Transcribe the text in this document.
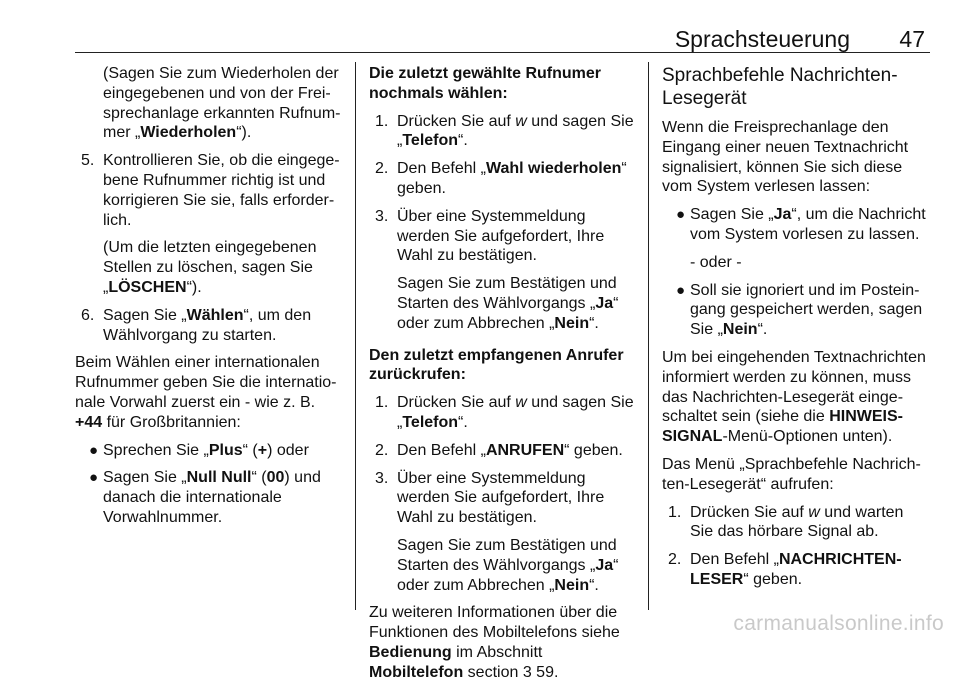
Sprachsteuerung 47

(Sagen Sie zum Wiederholen der eingegebenen und von der Frei-sprechanlage erkannten Rufnum-mer „Wiederholen“).

5. Kontrollieren Sie, ob die eingege-bene Rufnummer richtig ist und korrigieren Sie sie, falls erforder-lich.
(Um die letzten eingegebenen Stellen zu löschen, sagen Sie „LÖSCHEN“).
6. Sagen Sie „Wählen“, um den Wählvorgang zu starten.

Beim Wählen einer internationalen Rufnummer geben Sie die internatio-nale Vorwahl zuerst ein - wie z. B. +44 für Großbritannien:

● Sprechen Sie „Plus“ (+) oder
● Sagen Sie „Null Null“ (00) und danach die internationale Vorwahlnummer.

Die zuletzt gewählte Rufnumer nochmals wählen:

1. Drücken Sie auf w und sagen Sie „Telefon“.
2. Den Befehl „Wahl wiederholen“ geben.
3. Über eine Systemmeldung werden Sie aufgefordert, Ihre Wahl zu bestätigen.
Sagen Sie zum Bestätigen und Starten des Wählvorgangs „Ja“ oder zum Abbrechen „Nein“.

Den zuletzt empfangenen Anrufer zurückrufen:

1. Drücken Sie auf w und sagen Sie „Telefon“.
2. Den Befehl „ANRUFEN“ geben.
3. Über eine Systemmeldung werden Sie aufgefordert, Ihre Wahl zu bestätigen.
Sagen Sie zum Bestätigen und Starten des Wählvorgangs „Ja“ oder zum Abbrechen „Nein“.

Zu weiteren Informationen über die Funktionen des Mobiltelefons siehe Bedienung im Abschnitt Mobiltelefon section 3 59.

Sprachbefehle Nachrichten-Lesegerät

Wenn die Freisprechanlage den Eingang einer neuen Textnachricht signalisiert, können Sie sich diese vom System verlesen lassen:

● Sagen Sie „Ja“, um die Nachricht vom System vorlesen zu lassen.
- oder -
● Soll sie ignoriert und im Postein-gang gespeichert werden, sagen Sie „Nein“.

Um bei eingehenden Textnachrichten informiert werden zu können, muss das Nachrichten-Lesegerät einge-schaltet sein (siehe die HINWEIS-SIGNAL-Menü-Optionen unten).

Das Menü „Sprachbefehle Nachrich-ten-Lesegerät“ aufrufen:

1. Drücken Sie auf w und warten Sie das hörbare Signal ab.
2. Den Befehl „NACHRICHTEN-LESER“ geben.
carmanualsonline.info
